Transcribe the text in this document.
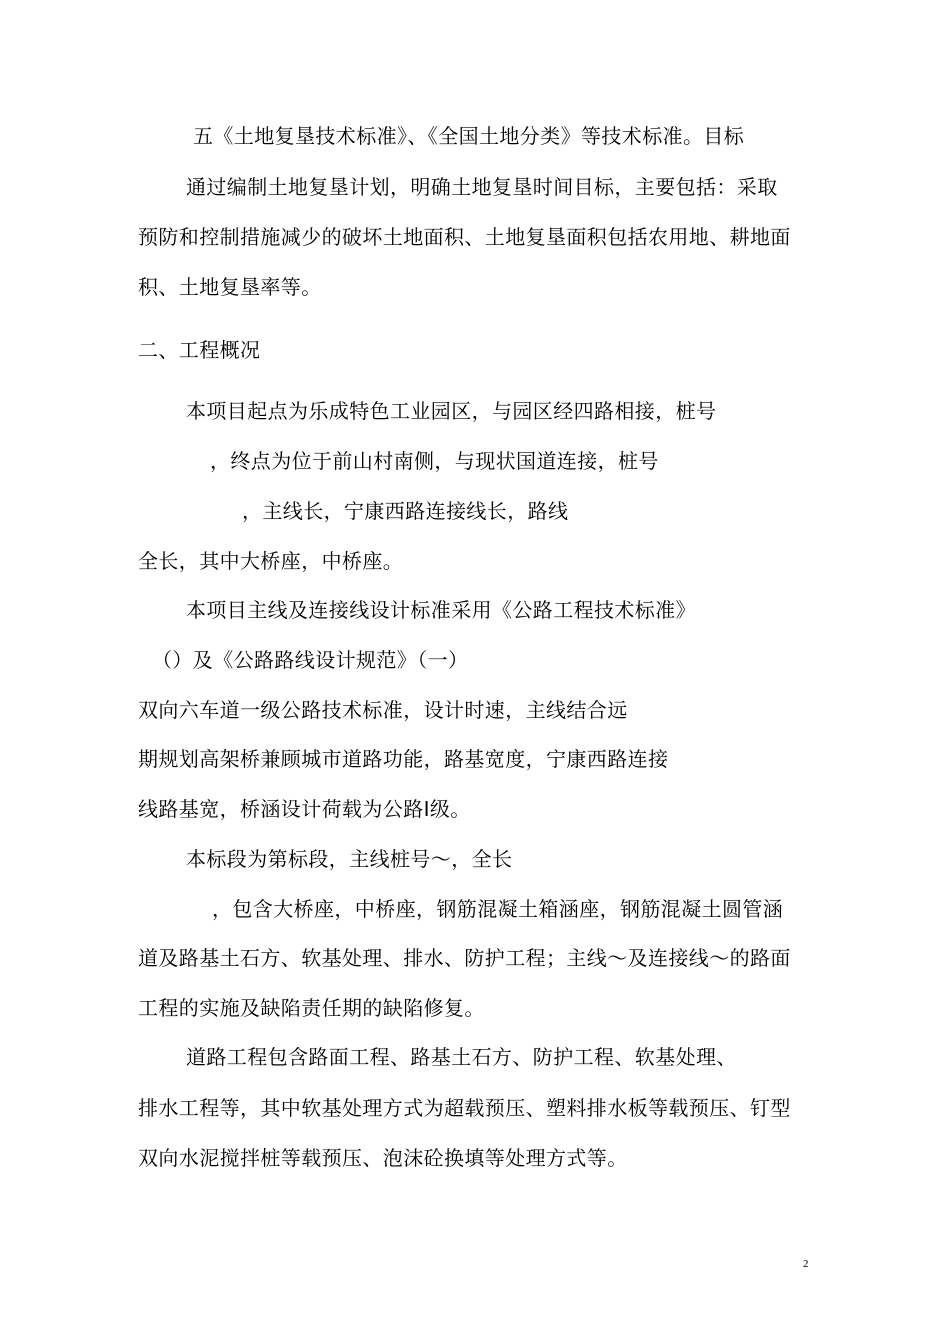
五《土地复垦技术标准》、《全国土地分类》等技术标准。目标
通过编制土地复垦计划，明确土地复垦时间目标，主要包括：采取
预防和控制措施减少的破坏土地面积、土地复垦面积包括农用地、耕地面
积、土地复垦率等。
二、工程概况
本项目起点为乐成特色工业园区，与园区经四路相接，桩号
，终点为位于前山村南侧，与现状国道连接，桩号
，主线长，宁康西路连接线长，路线
全长，其中大桥座，中桥座。
本项目主线及连接线设计标准采用《公路工程技术标准》
（）及《公路路线设计规范》（一）
双向六车道一级公路技术标准，设计时速，主线结合远
期规划高架桥兼顾城市道路功能，路基宽度，宁康西路连接
线路基宽，桥涵设计荷载为公路Ⅰ级。
本标段为第标段，主线桩号～，全长
，包含大桥座，中桥座，钢筋混凝土箱涵座，钢筋混凝土圆管涵
道及路基土石方、软基处理、排水、防护工程；主线～及连接线～的路面
工程的实施及缺陷责任期的缺陷修复。
道路工程包含路面工程、路基土石方、防护工程、软基处理、
排水工程等，其中软基处理方式为超载预压、塑料排水板等载预压、钉型
双向水泥搅拌桩等载预压、泡沫砼换填等处理方式等。
2
